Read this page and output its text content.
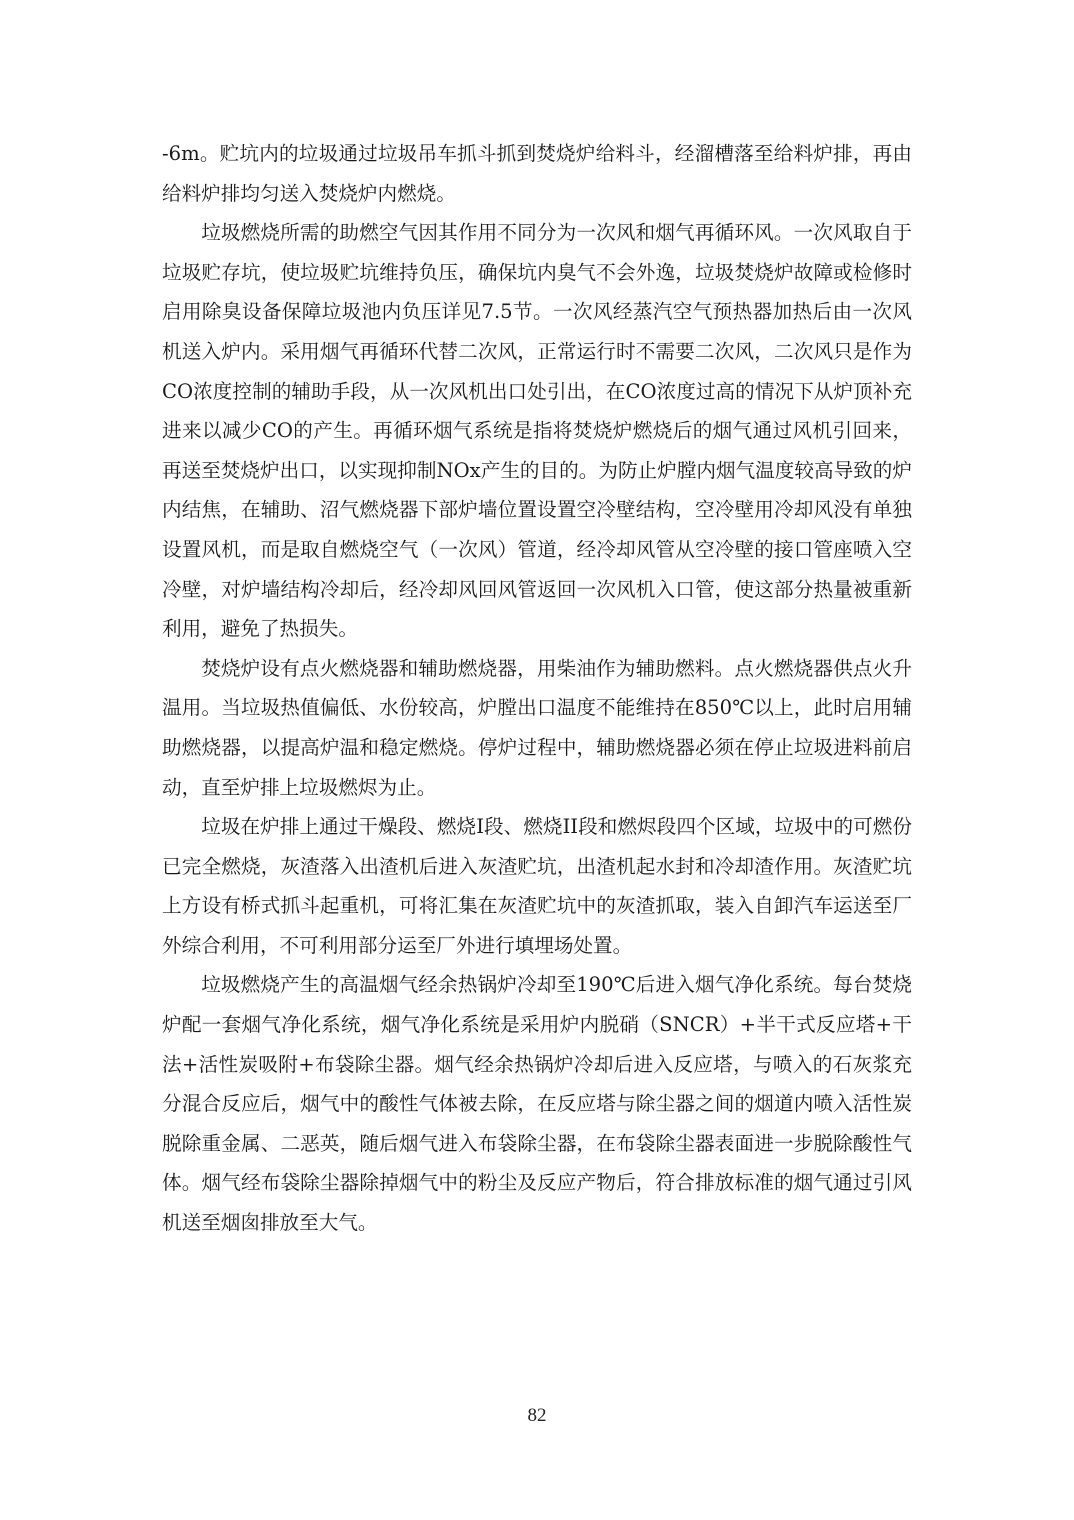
-6m。贮坑内的垃圾通过垃圾吊车抓斗抓到焚烧炉给料斗，经溜槽落至给料炉排，再由给料炉排均匀送入焚烧炉内燃烧。

垃圾燃烧所需的助燃空气因其作用不同分为一次风和烟气再循环风。一次风取自于垃圾贮存坑，使垃圾贮坑维持负压，确保坑内臭气不会外逸，垃圾焚烧炉故障或检修时启用除臭设备保障垃圾池内负压详见7.5节。一次风经蒸汽空气预热器加热后由一次风机送入炉内。采用烟气再循环代替二次风，正常运行时不需要二次风，二次风只是作为CO浓度控制的辅助手段，从一次风机出口处引出，在CO浓度过高的情况下从炉顶补充进来以减少CO的产生。再循环烟气系统是指将焚烧炉燃烧后的烟气通过风机引回来，再送至焚烧炉出口，以实现抑制NOx产生的目的。为防止炉膛内烟气温度较高导致的炉内结焦，在辅助、沼气燃烧器下部炉墙位置设置空冷壁结构，空冷壁用冷却风没有单独设置风机，而是取自燃烧空气（一次风）管道，经冷却风管从空冷壁的接口管座喷入空冷壁，对炉墙结构冷却后，经冷却风回风管返回一次风机入口管，使这部分热量被重新利用，避免了热损失。

焚烧炉设有点火燃烧器和辅助燃烧器，用柴油作为辅助燃料。点火燃烧器供点火升温用。当垃圾热值偏低、水份较高，炉膛出口温度不能维持在850℃以上，此时启用辅助燃烧器，以提高炉温和稳定燃烧。停炉过程中，辅助燃烧器必须在停止垃圾进料前启动，直至炉排上垃圾燃烬为止。

垃圾在炉排上通过干燥段、燃烧I段、燃烧II段和燃烬段四个区域，垃圾中的可燃份已完全燃烧，灰渣落入出渣机后进入灰渣贮坑，出渣机起水封和冷却渣作用。灰渣贮坑上方设有桥式抓斗起重机，可将汇集在灰渣贮坑中的灰渣抓取，装入自卸汽车运送至厂外综合利用，不可利用部分运至厂外进行填埋场处置。

垃圾燃烧产生的高温烟气经余热锅炉冷却至190℃后进入烟气净化系统。每台焚烧炉配一套烟气净化系统，烟气净化系统是采用炉内脱硝（SNCR）+半干式反应塔+干法+活性炭吸附+布袋除尘器。烟气经余热锅炉冷却后进入反应塔，与喷入的石灰浆充分混合反应后，烟气中的酸性气体被去除，在反应塔与除尘器之间的烟道内喷入活性炭脱除重金属、二恶英，随后烟气进入布袋除尘器，在布袋除尘器表面进一步脱除酸性气体。烟气经布袋除尘器除掉烟气中的粉尘及反应产物后，符合排放标准的烟气通过引风机送至烟囱排放至大气。

82
